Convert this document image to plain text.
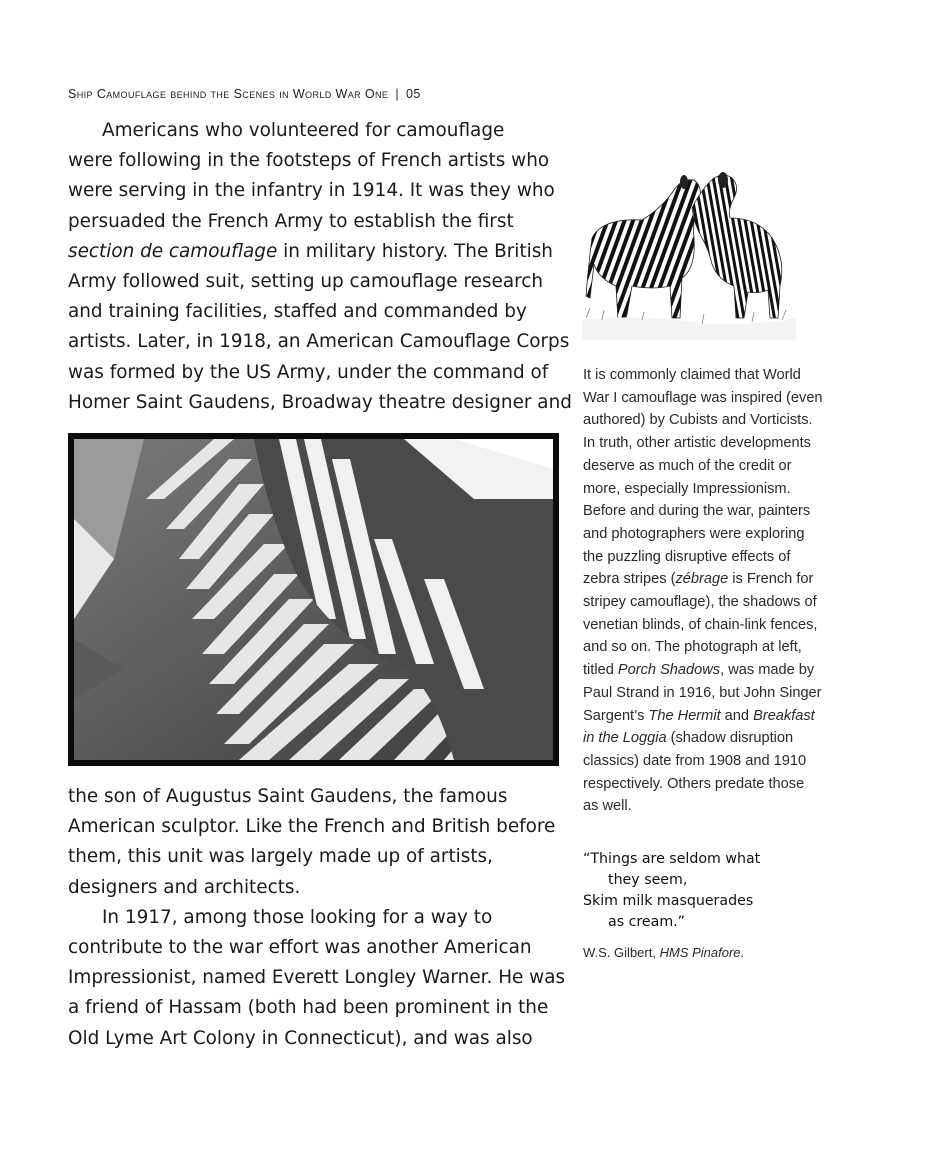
Ship Camouflage behind the Scenes in World War One | 05

Americans who volunteered for camouflage
were following in the footsteps of French artists who
were serving in the infantry in 1914. It was they who
persuaded the French Army to establish the first
section de camouflage in military history. The British
Army followed suit, setting up camouflage research
and training facilities, staffed and commanded by
artists. Later, in 1918, an American Camouflage Corps
was formed by the US Army, under the command of
Homer Saint Gaudens, Broadway theatre designer and

the son of Augustus Saint Gaudens, the famous
American sculptor. Like the French and British before
them, this unit was largely made up of artists,
designers and architects.

In 1917, among those looking for a way to
contribute to the war effort was another American
Impressionist, named Everett Longley Warner. He was
a friend of Hassam (both had been prominent in the
Old Lyme Art Colony in Connecticut), and was also

It is commonly claimed that World
War I camouflage was inspired (even
authored) by Cubists and Vorticists.
In truth, other artistic developments
deserve as much of the credit or
more, especially Impressionism.
Before and during the war, painters
and photographers were exploring
the puzzling disruptive effects of
zebra stripes (zébrage is French for
stripey camouflage), the shadows of
venetian blinds, of chain-link fences,
and so on. The photograph at left,
titled Porch Shadows, was made by
Paul Strand in 1916, but John Singer
Sargent’s The Hermit and Breakfast
in the Loggia (shadow disruption
classics) date from 1908 and 1910
respectively. Others predate those
as well.
“Things are seldom what
they seem,
Skim milk masquerades
as cream.”
W.S. Gilbert, HMS Pinafore.
